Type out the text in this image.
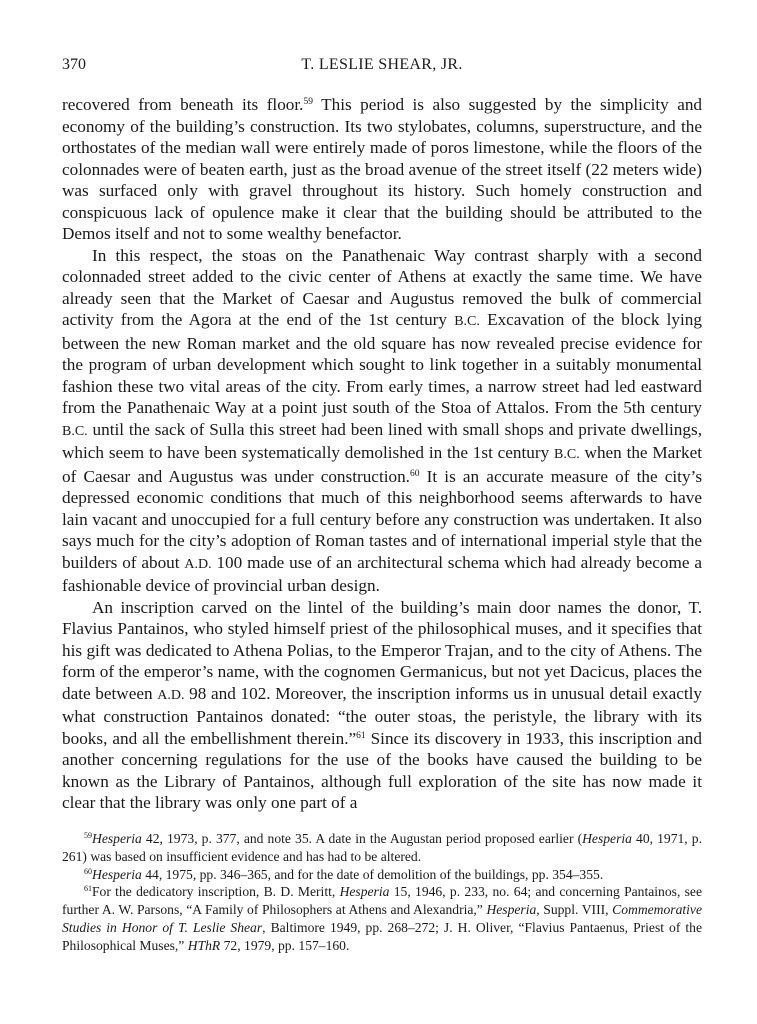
370	T. LESLIE SHEAR, JR.

recovered from beneath its floor.$^{59}$ This period is also suggested by the simplicity and economy of the building’s construction. Its two stylobates, columns, superstructure, and the orthostates of the median wall were entirely made of poros limestone, while the floors of the colonnades were of beaten earth, just as the broad avenue of the street itself (22 meters wide) was surfaced only with gravel throughout its history. Such homely construction and conspicuous lack of opulence make it clear that the building should be attributed to the Demos itself and not to some wealthy benefactor.

In this respect, the stoas on the Panathenaic Way contrast sharply with a second colonnaded street added to the civic center of Athens at exactly the same time. We have already seen that the Market of Caesar and Augustus removed the bulk of commercial activity from the Agora at the end of the 1st century B.C. Excavation of the block lying between the new Roman market and the old square has now revealed precise evidence for the program of urban development which sought to link together in a suitably monumental fashion these two vital areas of the city. From early times, a narrow street had led eastward from the Panathenaic Way at a point just south of the Stoa of Attalos. From the 5th century B.C. until the sack of Sulla this street had been lined with small shops and private dwellings, which seem to have been systematically demolished in the 1st century B.C. when the Market of Caesar and Augustus was under construction.$^{60}$ It is an accurate measure of the city’s depressed economic conditions that much of this neighborhood seems afterwards to have lain vacant and unoccupied for a full century before any construction was undertaken. It also says much for the city’s adoption of Roman tastes and of international imperial style that the builders of about A.D. 100 made use of an architectural schema which had already become a fashionable device of provincial urban design.

An inscription carved on the lintel of the building’s main door names the donor, T. Flavius Pantainos, who styled himself priest of the philosophical muses, and it specifies that his gift was dedicated to Athena Polias, to the Emperor Trajan, and to the city of Athens. The form of the emperor’s name, with the cognomen Germanicus, but not yet Dacicus, places the date between A.D. 98 and 102. Moreover, the inscription informs us in unusual detail exactly what construction Pantainos donated: “the outer stoas, the peristyle, the library with its books, and all the embellishment therein.”$^{61}$ Since its discovery in 1933, this inscription and another concerning regulations for the use of the books have caused the building to be known as the Library of Pantainos, although full exploration of the site has now made it clear that the library was only one part of a

$^{59}$Hesperia 42, 1973, p. 377, and note 35. A date in the Augustan period proposed earlier (Hesperia 40, 1971, p. 261) was based on insufficient evidence and has had to be altered.

$^{60}$Hesperia 44, 1975, pp. 346–365, and for the date of demolition of the buildings, pp. 354–355.

$^{61}$For the dedicatory inscription, B. D. Meritt, Hesperia 15, 1946, p. 233, no. 64; and concerning Pantainos, see further A. W. Parsons, “A Family of Philosophers at Athens and Alexandria,” Hesperia, Suppl. VIII, Commemorative Studies in Honor of T. Leslie Shear, Baltimore 1949, pp. 268–272; J. H. Oliver, “Flavius Pantaenus, Priest of the Philosophical Muses,” HThR 72, 1979, pp. 157–160.
